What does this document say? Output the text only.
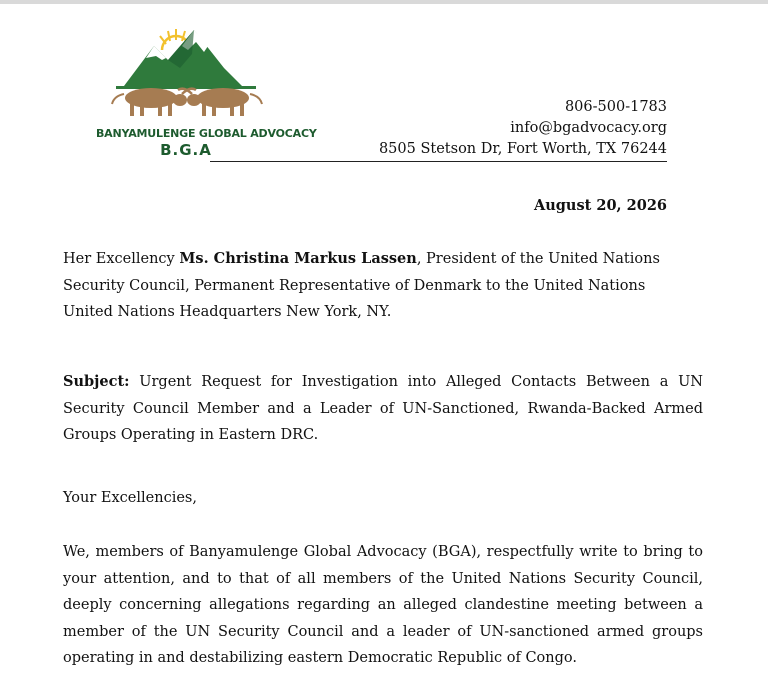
BANYAMULENGE GLOBAL ADVOCACY
B.G.A
806-500-1783
info@bgadvocacy.org
8505 Stetson Dr, Fort Worth, TX 76244
August 20, 2026
Her Excellency Ms. Christina Markus Lassen, President of the United Nations
Security Council, Permanent Representative of Denmark to the United Nations
United Nations Headquarters New York, NY.
Subject: Urgent Request for Investigation into Alleged Contacts Between a UN
Security Council Member and a Leader of UN-Sanctioned, Rwanda-Backed Armed
Groups Operating in Eastern DRC.
Your Excellencies,
We, members of Banyamulenge Global Advocacy (BGA), respectfully write to bring to
your attention, and to that of all members of the United Nations Security Council,
deeply concerning allegations regarding an alleged clandestine meeting between a
member of the UN Security Council and a leader of UN-sanctioned armed groups
operating in and destabilizing eastern Democratic Republic of Congo.
